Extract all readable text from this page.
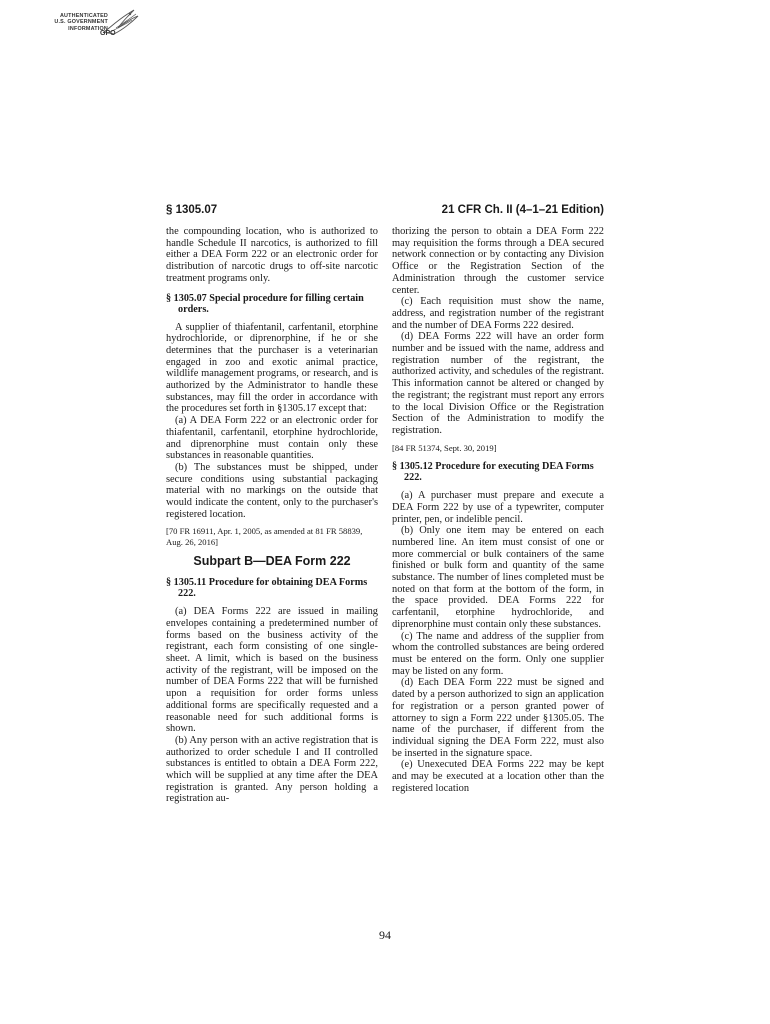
AUTHENTICATED
U.S. GOVERNMENT
INFORMATION
GPO
§ 1305.07	21 CFR Ch. II (4–1–21 Edition)

the compounding location, who is authorized to handle Schedule II narcotics, is authorized to fill either a DEA Form 222 or an electronic order for distribution of narcotic drugs to off-site narcotic treatment programs only.

§ 1305.07 Special procedure for filling certain orders.

A supplier of thiafentanil, carfentanil, etorphine hydrochloride, or diprenorphine, if he or she determines that the purchaser is a veterinarian engaged in zoo and exotic animal practice, wildlife management programs, or research, and is authorized by the Administrator to handle these substances, may fill the order in accordance with the procedures set forth in §1305.17 except that:

(a) A DEA Form 222 or an electronic order for thiafentanil, carfentanil, etorphine hydrochloride, and diprenorphine must contain only these substances in reasonable quantities.

(b) The substances must be shipped, under secure conditions using substantial packaging material with no markings on the outside that would indicate the content, only to the purchaser's registered location.

[70 FR 16911, Apr. 1, 2005, as amended at 81 FR 58839, Aug. 26, 2016]
Subpart B—DEA Form 222
§ 1305.11 Procedure for obtaining DEA Forms 222.

(a) DEA Forms 222 are issued in mailing envelopes containing a predetermined number of forms based on the business activity of the registrant, each form consisting of one single-sheet. A limit, which is based on the business activity of the registrant, will be imposed on the number of DEA Forms 222 that will be furnished upon a requisition for order forms unless additional forms are specifically requested and a reasonable need for such additional forms is shown.

(b) Any person with an active registration that is authorized to order schedule I and II controlled substances is entitled to obtain a DEA Form 222, which will be supplied at any time after the DEA registration is granted. Any person holding a registration au-

thorizing the person to obtain a DEA Form 222 may requisition the forms through a DEA secured network connection or by contacting any Division Office or the Registration Section of the Administration through the customer service center.

(c) Each requisition must show the name, address, and registration number of the registrant and the number of DEA Forms 222 desired.

(d) DEA Forms 222 will have an order form number and be issued with the name, address and registration number of the registrant, the authorized activity, and schedules of the registrant. This information cannot be altered or changed by the registrant; the registrant must report any errors to the local Division Office or the Registration Section of the Administration to modify the registration.

[84 FR 51374, Sept. 30, 2019]
§ 1305.12 Procedure for executing DEA Forms 222.

(a) A purchaser must prepare and execute a DEA Form 222 by use of a typewriter, computer printer, pen, or indelible pencil.

(b) Only one item may be entered on each numbered line. An item must consist of one or more commercial or bulk containers of the same finished or bulk form and quantity of the same substance. The number of lines completed must be noted on that form at the bottom of the form, in the space provided. DEA Forms 222 for carfentanil, etorphine hydrochloride, and diprenorphine must contain only these substances.

(c) The name and address of the supplier from whom the controlled substances are being ordered must be entered on the form. Only one supplier may be listed on any form.

(d) Each DEA Form 222 must be signed and dated by a person authorized to sign an application for registration or a person granted power of attorney to sign a Form 222 under §1305.05. The name of the purchaser, if different from the individual signing the DEA Form 222, must also be inserted in the signature space.

(e) Unexecuted DEA Forms 222 may be kept and may be executed at a location other than the registered location

94
